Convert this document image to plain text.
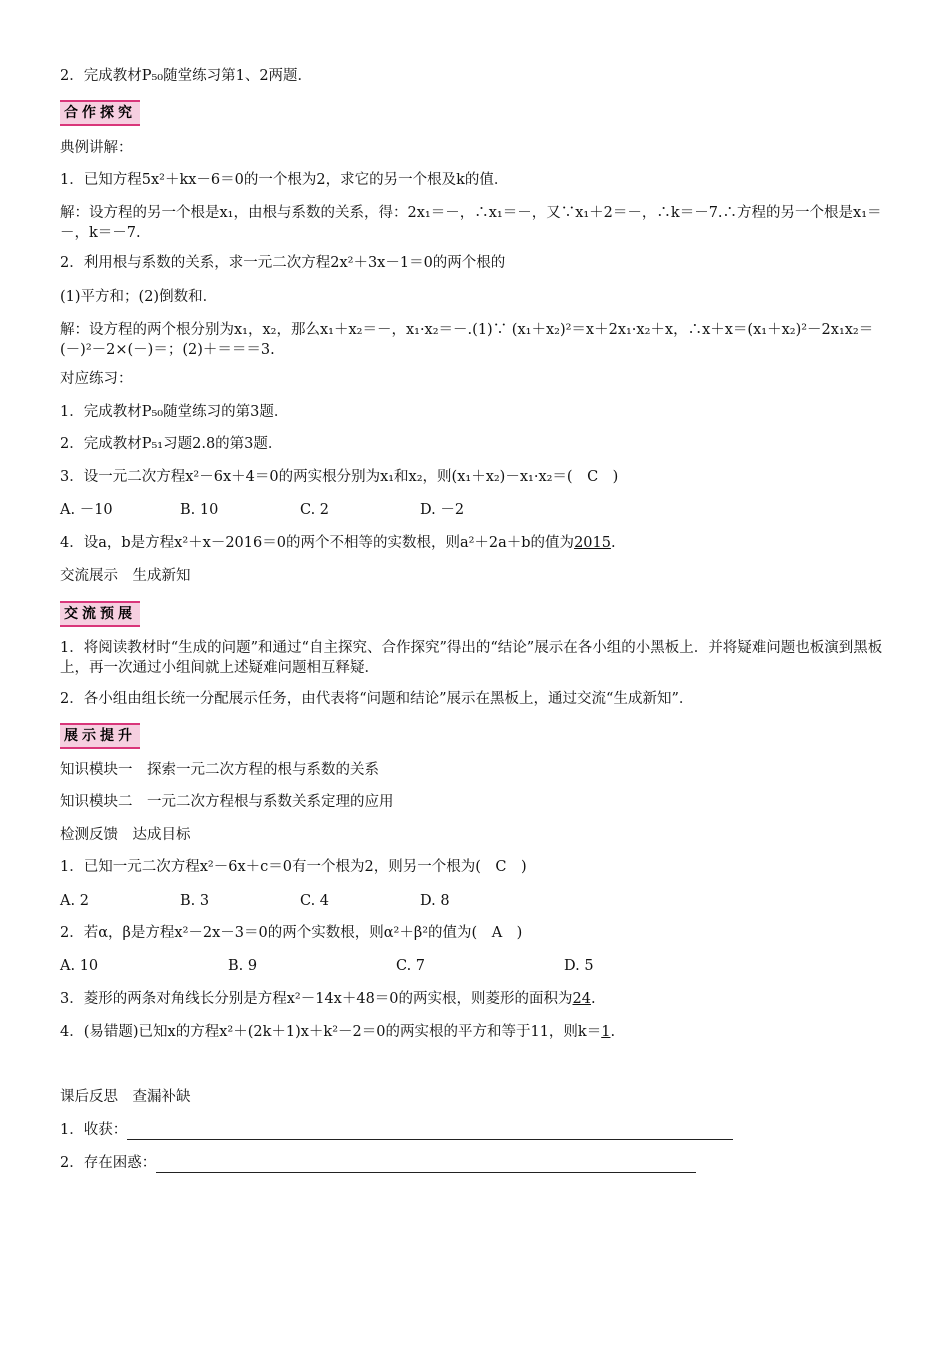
2．完成教材P₅₀随堂练习第1、2两题．
合作探究
典例讲解：
1．已知方程5x²＋kx－6＝0的一个根为2，求它的另一个根及k的值．
解：设方程的另一个根是x₁，由根与系数的关系，得：2x₁＝－，∴x₁＝－，又∵x₁＋2＝－，∴k＝－7.∴方程的另一个根是x₁＝－，k＝－7.
2．利用根与系数的关系，求一元二次方程2x²＋3x－1＝0的两个根的
(1)平方和；(2)倒数和．
解：设方程的两个根分别为x₁，x₂，那么x₁＋x₂＝－，x₁·x₂＝－.(1)∵ (x₁＋x₂)²＝x＋2x₁·x₂＋x，∴x＋x＝(x₁＋x₂)²－2x₁x₂＝(－)²－2×(－)＝；(2)＋＝＝＝3.
对应练习：
1．完成教材P₅₀随堂练习的第3题．
2．完成教材P₅₁习题2.8的第3题．
3．设一元二次方程x²－6x＋4＝0的两实根分别为x₁和x₂，则(x₁＋x₂)－x₁·x₂＝(　C　)
A. －10	B. 10	C. 2	D. －2
4．设a，b是方程x²＋x－2016＝0的两个不相等的实数根，则a²＋2a＋b的值为2015.
交流展示　生成新知
交流预展
1．将阅读教材时“生成的问题”和通过“自主探究、合作探究”得出的“结论”展示在各小组的小黑板上．并将疑难问题也板演到黑板上，再一次通过小组间就上述疑难问题相互释疑．
2．各小组由组长统一分配展示任务，由代表将“问题和结论”展示在黑板上，通过交流“生成新知”．
展示提升
知识模块一　探索一元二次方程的根与系数的关系
知识模块二　一元二次方程根与系数关系定理的应用
检测反馈　达成目标
1．已知一元二次方程x²－6x＋c＝0有一个根为2，则另一个根为(　C　)
A. 2	B. 3	C. 4	D. 8
2．若α，β是方程x²－2x－3＝0的两个实数根，则α²＋β²的值为(　A　)
A. 10	B. 9	C. 7	D. 5
3．菱形的两条对角线长分别是方程x²－14x＋48＝0的两实根，则菱形的面积为24.
4．(易错题)已知x的方程x²＋(2k＋1)x＋k²－2＝0的两实根的平方和等于11，则k＝1.
课后反思　查漏补缺
1．收获：
2．存在困惑：
